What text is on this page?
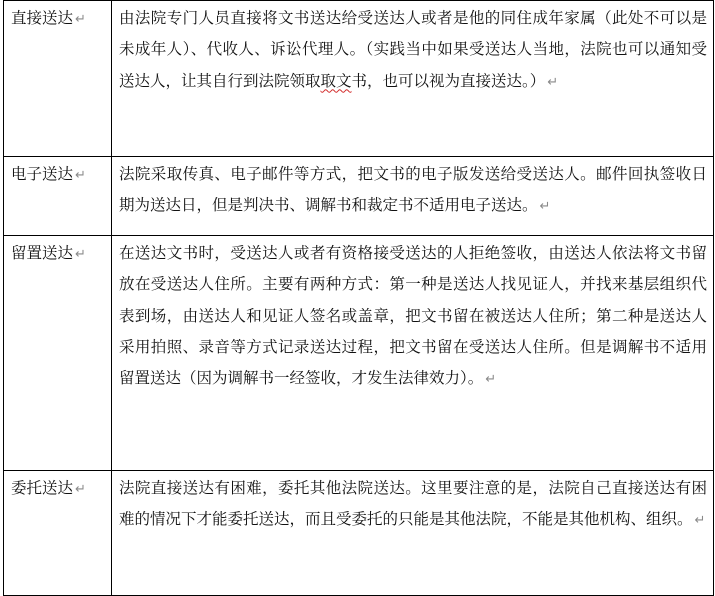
直接送达 ↵	由法院专门人员直接将文书送达给受送达人或者是他的同住成年家属（此处不可以是未成年人）、代收人、诉讼代理人。（实践当中如果受送达人当地，法院也可以通知受送达人，让其自行到法院领取取文书，也可以视为直接送达。） ↵
电子送达 ↵	法院采取传真、电子邮件等方式，把文书的电子版发送给受送达人。邮件回执签收日期为送达日，但是判决书、调解书和裁定书不适用电子送达。 ↵
留置送达 ↵	在送达文书时，受送达人或者有资格接受送达的人拒绝签收，由送达人依法将文书留放在受送达人住所。主要有两种方式：第一种是送达人找见证人，并找来基层组织代表到场，由送达人和见证人签名或盖章，把文书留在被送达人住所；第二种是送达人采用拍照、录音等方式记录送达过程，把文书留在受送达人住所。但是调解书不适用留置送达（因为调解书一经签收，才发生法律效力）。 ↵
委托送达 ↵	法院直接送达有困难，委托其他法院送达。这里要注意的是，法院自己直接送达有困难的情况下才能委托送达，而且受委托的只能是其他法院，不能是其他机构、组织。 ↵
